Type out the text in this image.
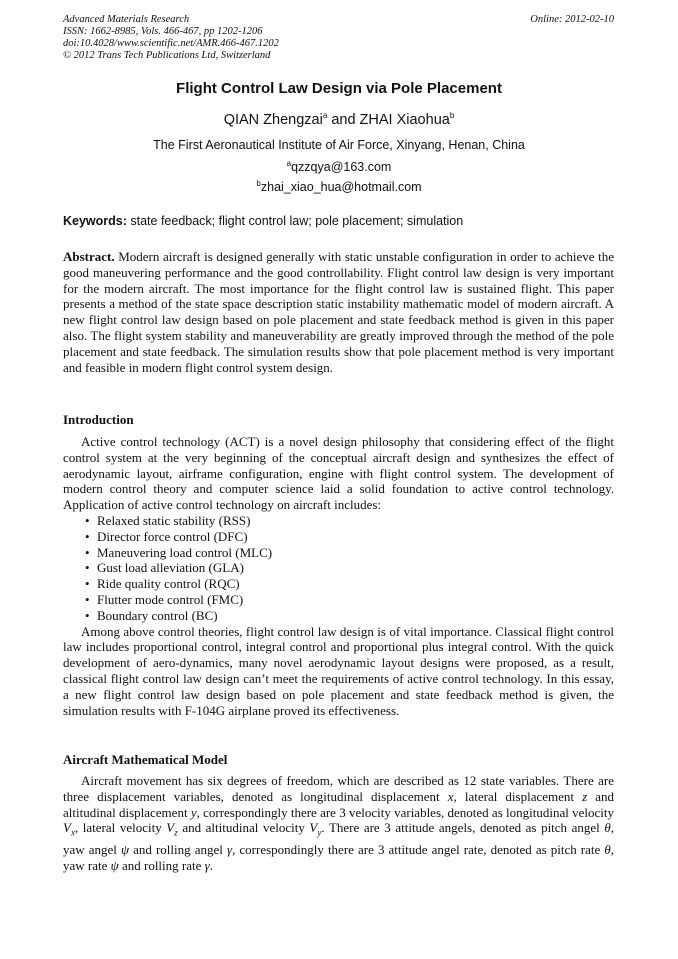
Advanced Materials Research
ISSN: 1662-8985, Vols. 466-467, pp 1202-1206
doi:10.4028/www.scientific.net/AMR.466-467.1202
© 2012 Trans Tech Publications Ltd, Switzerland
Online: 2012-02-10
Flight Control Law Design via Pole Placement
QIAN Zhengzai$^a$ and ZHAI Xiaohua$^b$
The First Aeronautical Institute of Air Force, Xinyang, Henan, China
$^a$qzzqya@163.com
$^b$zhai_xiao_hua@hotmail.com
Keywords: state feedback; flight control law; pole placement; simulation
Abstract. Modern aircraft is designed generally with static unstable configuration in order to achieve the good maneuvering performance and the good controllability. Flight control law design is very important for the modern aircraft. The most importance for the flight control law is sustained flight. This paper presents a method of the state space description static instability mathematic model of modern aircraft. A new flight control law design based on pole placement and state feedback method is given in this paper also. The flight system stability and maneuverability are greatly improved through the method of the pole placement and state feedback. The simulation results show that pole placement method is very important and feasible in modern flight control system design.
Introduction

Active control technology (ACT) is a novel design philosophy that considering effect of the flight control system at the very beginning of the conceptual aircraft design and synthesizes the effect of aerodynamic layout, airframe configuration, engine with flight control system. The development of modern control theory and computer science laid a solid foundation to active control technology. Application of active control technology on aircraft includes:

• Relaxed static stability (RSS)
• Director force control (DFC)
• Maneuvering load control (MLC)
• Gust load alleviation (GLA)
• Ride quality control (RQC)
• Flutter mode control (FMC)
• Boundary control (BC)

Among above control theories, flight control law design is of vital importance. Classical flight control law includes proportional control, integral control and proportional plus integral control. With the quick development of aero-dynamics, many novel aerodynamic layout designs were proposed, as a result, classical flight control law design can’t meet the requirements of active control technology. In this essay, a new flight control law design based on pole placement and state feedback method is given, the simulation results with F-104G airplane proved its effectiveness.

Aircraft Mathematical Model

Aircraft movement has six degrees of freedom, which are described as 12 state variables. There are three displacement variables, denoted as longitudinal displacement x, lateral displacement z and altitudinal displacement y, correspondingly there are 3 velocity variables, denoted as longitudinal velocity $V_x$, lateral velocity $V_z$ and altitudinal velocity $V_y$. There are 3 attitude angels, denoted as pitch angel θ, yaw angel ψ and rolling angel γ, correspondingly there are 3 attitude angel rate, denoted as pitch rate θ, yaw rate ψ and rolling rate γ.
